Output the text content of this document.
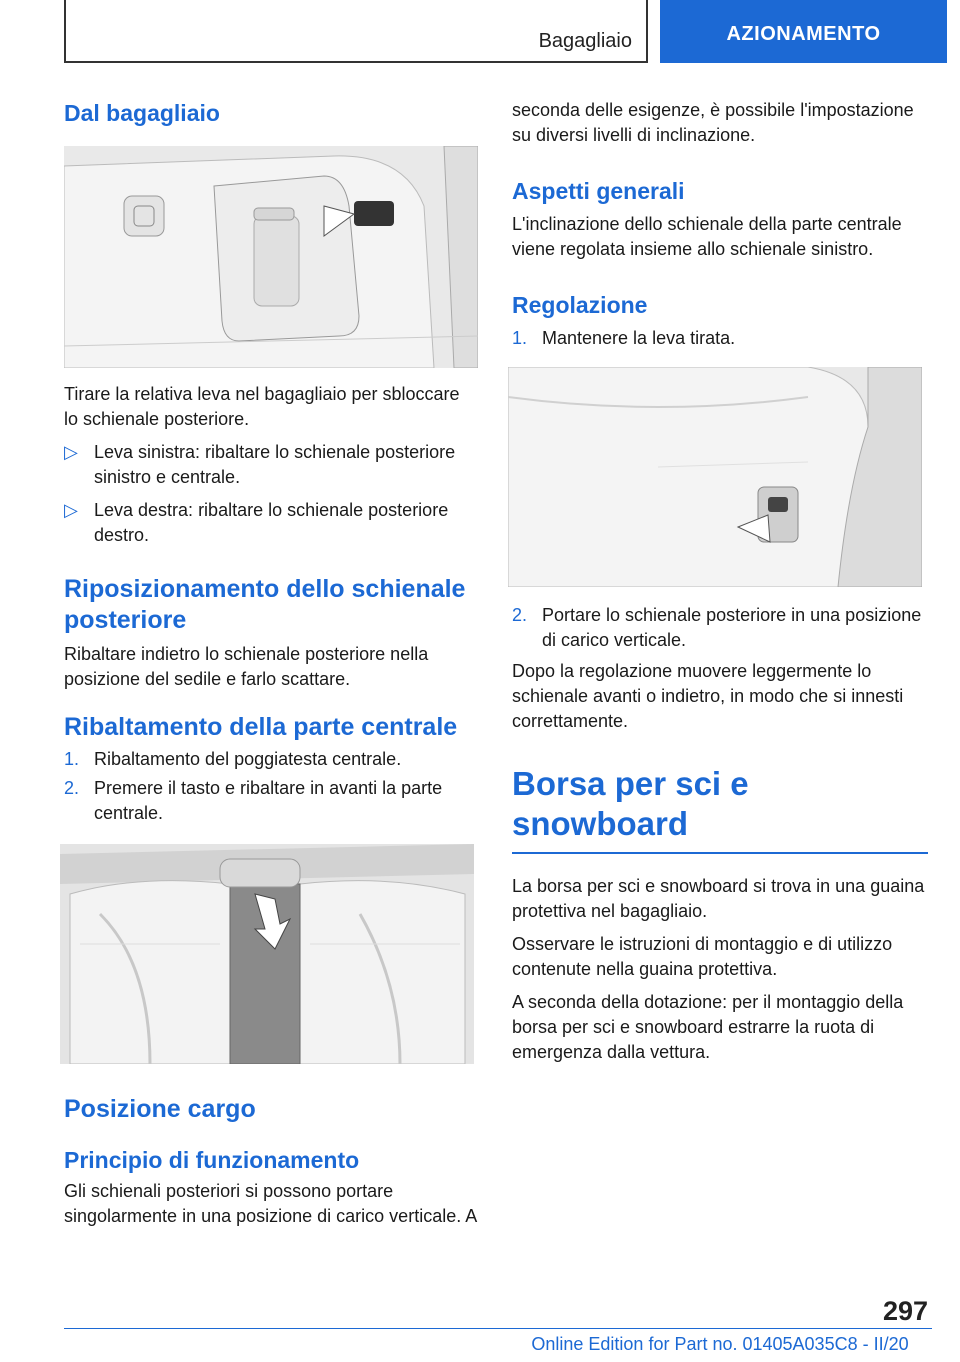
Bagagliaio	AZIONAMENTO
Dal bagagliaio

Tirare la relativa leva nel bagagliaio per sbloccare lo schienale posteriore.

▷ Leva sinistra: ribaltare lo schienale posteriore sinistro e centrale.
▷ Leva destra: ribaltare lo schienale posteriore destro.
Riposizionamento dello schienale posteriore

Ribaltare indietro lo schienale posteriore nella posizione del sedile e farlo scattare.

Ribaltamento della parte centrale
1. Ribaltamento del poggiatesta centrale.
2. Premere il tasto e ribaltare in avanti la parte centrale.
Posizione cargo
Principio di funzionamento

Gli schienali posteriori si possono portare singolarmente in una posizione di carico verticale. A

seconda delle esigenze, è possibile l'impostazione su diversi livelli di inclinazione.

Aspetti generali

L'inclinazione dello schienale della parte centrale viene regolata insieme allo schienale sinistro.

Regolazione
1. Mantenere la leva tirata.
2. Portare lo schienale posteriore in una posizione di carico verticale.

Dopo la regolazione muovere leggermente lo schienale avanti o indietro, in modo che si innesti correttamente.

Borsa per sci e snowboard

La borsa per sci e snowboard si trova in una guaina protettiva nel bagagliaio.

Osservare le istruzioni di montaggio e di utilizzo contenute nella guaina protettiva.

A seconda della dotazione: per il montaggio della borsa per sci e snowboard estrarre la ruota di emergenza dalla vettura.

297
Online Edition for Part no. 01405A035C8 - II/20
